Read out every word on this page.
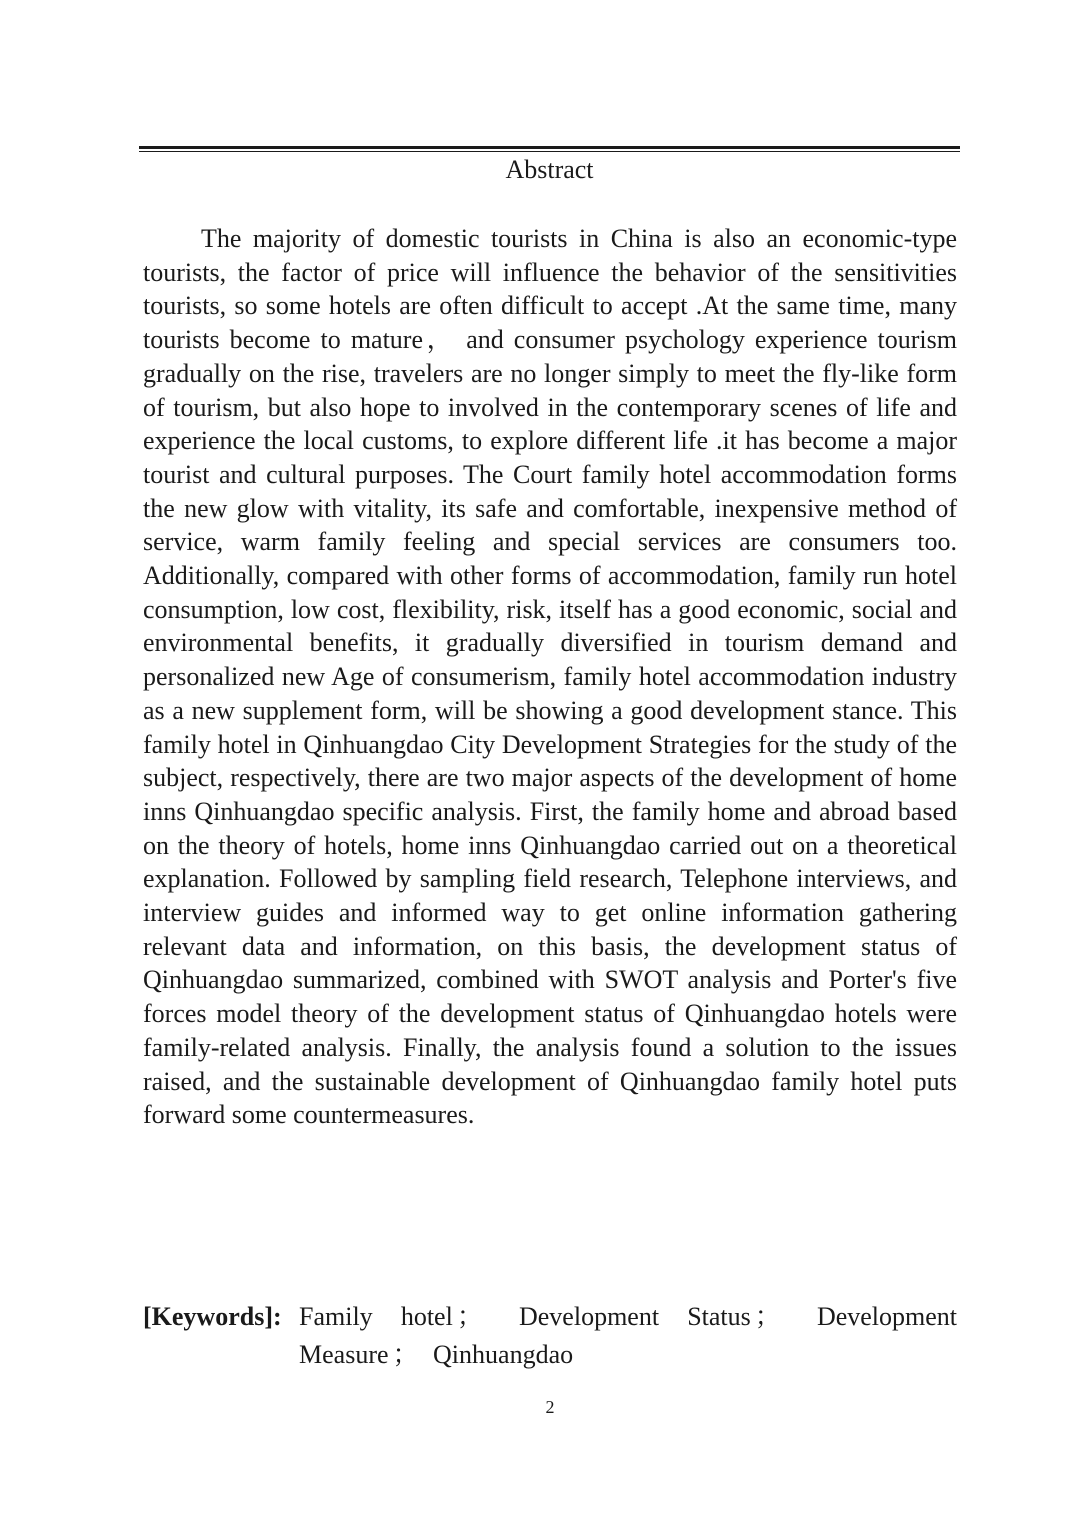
Abstract

The majority of domestic tourists in China is also an economic-type tourists, the factor of price will influence the behavior of the sensitivities tourists, so some hotels are often difficult to accept .At the same time, many tourists become to mature， and consumer psychology experience tourism gradually on the rise, travelers are no longer simply to meet the fly-like form of tourism, but also hope to involved in the contemporary scenes of life and experience the local customs, to explore different life .it has become a major tourist and cultural purposes. The Court family hotel accommodation forms the new glow with vitality, its safe and comfortable, inexpensive method of service, warm family feeling and special services are consumers too. Additionally, compared with other forms of accommodation, family run hotel consumption, low cost, flexibility, risk, itself has a good economic, social and environmental benefits, it gradually diversified in tourism demand and personalized new Age of consumerism, family hotel accommodation industry as a new supplement form, will be showing a good development stance. This family hotel in Qinhuangdao City Development Strategies for the study of the subject, respectively, there are two major aspects of the development of home inns Qinhuangdao specific analysis. First, the family home and abroad based on the theory of hotels, home inns Qinhuangdao carried out on a theoretical explanation. Followed by sampling field research, Telephone interviews, and interview guides and informed way to get online information gathering relevant data and information, on this basis, the development status of Qinhuangdao summarized, combined with SWOT analysis and Porter's five forces model theory of the development status of Qinhuangdao hotels were family-related analysis. Finally, the analysis found a solution to the issues raised, and the sustainable development of Qinhuangdao family hotel puts forward some countermeasures.

[Keywords]: Family hotel ； Development Status ； Development Measure ； Qinhuangdao
2
